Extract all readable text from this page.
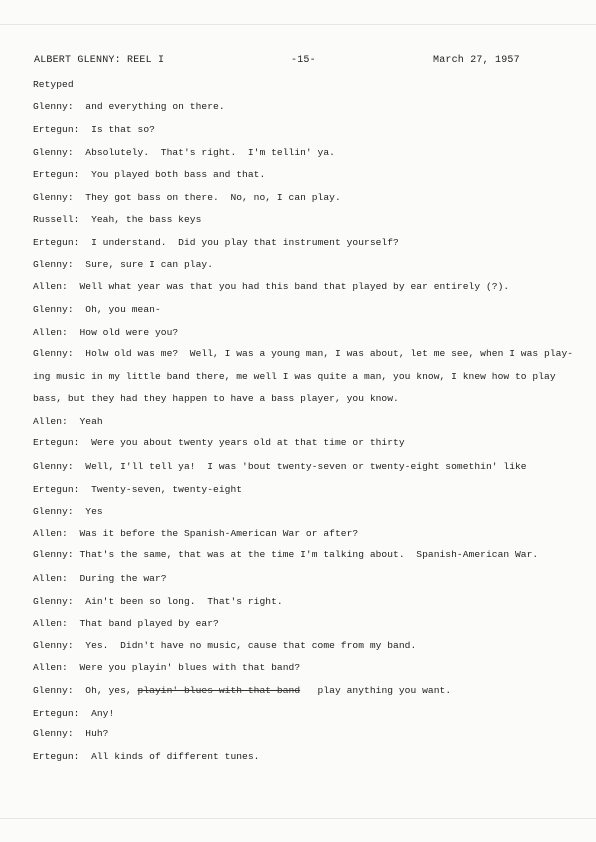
ALBERT GLENNY: REEL I	-15-	March 27, 1957
Retyped
Glenny:  and everything on there.
Ertegun:  Is that so?
Glenny:  Absolutely.  That's right.  I'm tellin' ya.
Ertegun:  You played both bass and that.
Glenny:  They got bass on there.  No, no, I can play.
Russell:  Yeah, the bass keys
Ertegun:  I understand.  Did you play that instrument yourself?
Glenny:  Sure, sure I can play.
Allen:  Well what year was that you had this band that played by ear entirely (?).
Glenny:  Oh, you mean-
Allen:  How old were you?
Glenny:  Holw old was me?  Well, I was a young man, I was about, let me see, when I was play-
ing music in my little band there, me well I was quite a man, you know, I knew how to play
bass, but they had they happen to have a bass player, you know.
Allen:  Yeah
Ertegun:  Were you about twenty years old at that time or thirty
Glenny:  Well, I'll tell ya!  I was 'bout twenty-seven or twenty-eight somethin' like
Ertegun:  Twenty-seven, twenty-eight
Glenny:  Yes
Allen:  Was it before the Spanish-American War or after?
Glenny: That's the same, that was at the time I'm talking about.  Spanish-American War.
Allen:  During the war?
Glenny:  Ain't been so long.  That's right.
Allen:  That band played by ear?
Glenny:  Yes.  Didn't have no music, cause that come from my band.
Allen:  Were you playin' blues with that band?
Glenny:  Oh, yes, playin' blues with that band   play anything you want.
Ertegun:  Any!
Glenny:  Huh?
Ertegun:  All kinds of different tunes.
